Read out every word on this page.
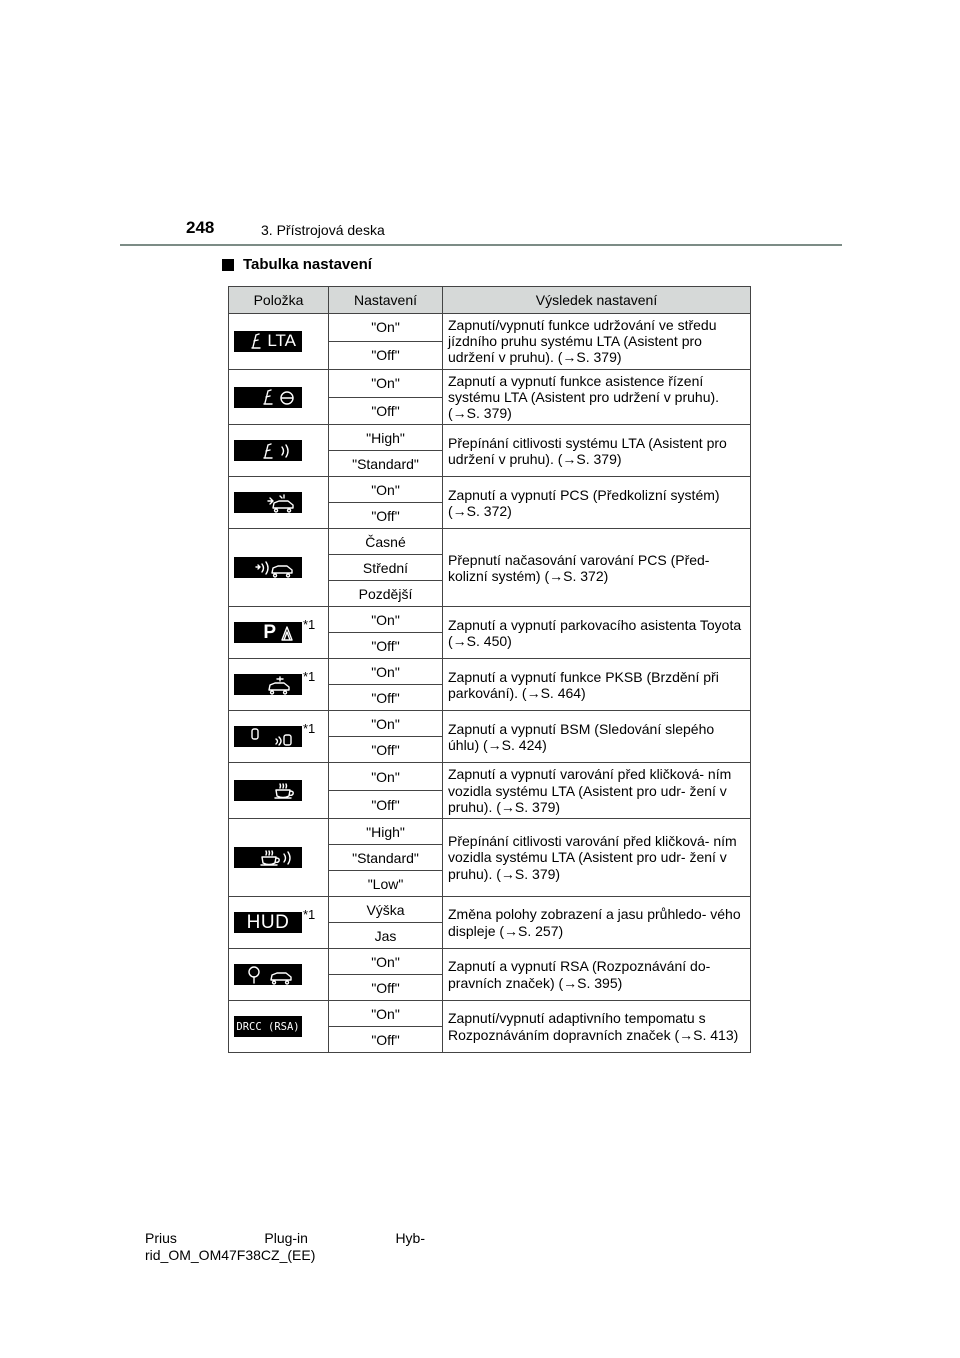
248	3. Přístrojová deska
Tabulka nastavení
Položka	Nastavení	Výsledek nastavení

LTA	"On"	Zapnutí/vypnutí funkce udržování ve středu jízdního pruhu systému LTA (Asistent pro udržení v pruhu). (→S. 379)
	"Off"	

	"On"	Zapnutí a vypnutí funkce asistence řízení systému LTA (Asistent pro udržení v pruhu). (→S. 379)
	"Off"	

	"High"	Přepínání citlivosti systému LTA (Asistent pro udržení v pruhu). (→S. 379)
	"Standard"	

	"On"	Zapnutí a vypnutí PCS (Předkolizní systém) (→S. 372)
	"Off"	

	Časné	Přepnutí načasování varování PCS (Před- kolizní systém) (→S. 372)
	Střední	
	Pozdější	

P *1	"On"	Zapnutí a vypnutí parkovacího asistenta Toyota (→S. 450)
	"Off"	

*1	"On"	Zapnutí a vypnutí funkce PKSB (Brzdění při parkování). (→S. 464)
	"Off"	

*1	"On"	Zapnutí a vypnutí BSM (Sledování slepého úhlu) (→S. 424)
	"Off"	

	"On"	Zapnutí a vypnutí varování před kličková- ním vozidla systému LTA (Asistent pro udr- žení v pruhu). (→S. 379)
	"Off"	

	"High"	Přepínání citlivosti varování před kličková- ním vozidla systému LTA (Asistent pro udr- žení v pruhu). (→S. 379)
	"Standard"	
	"Low"	

HUD *1	Výška	Změna polohy zobrazení a jasu průhledo- vého displeje (→S. 257)
	Jas	

	"On"	Zapnutí a vypnutí RSA (Rozpoznávání do- pravních značek) (→S. 395)
	"Off"	

DRCC (RSA)	"On"	Zapnutí/vypnutí adaptivního tempomatu s Rozpoznáváním dopravních značek (→S. 413)
	"Off"	
Prius	Plug-in	Hyb-
rid_OM_OM47F38CZ_(EE)
